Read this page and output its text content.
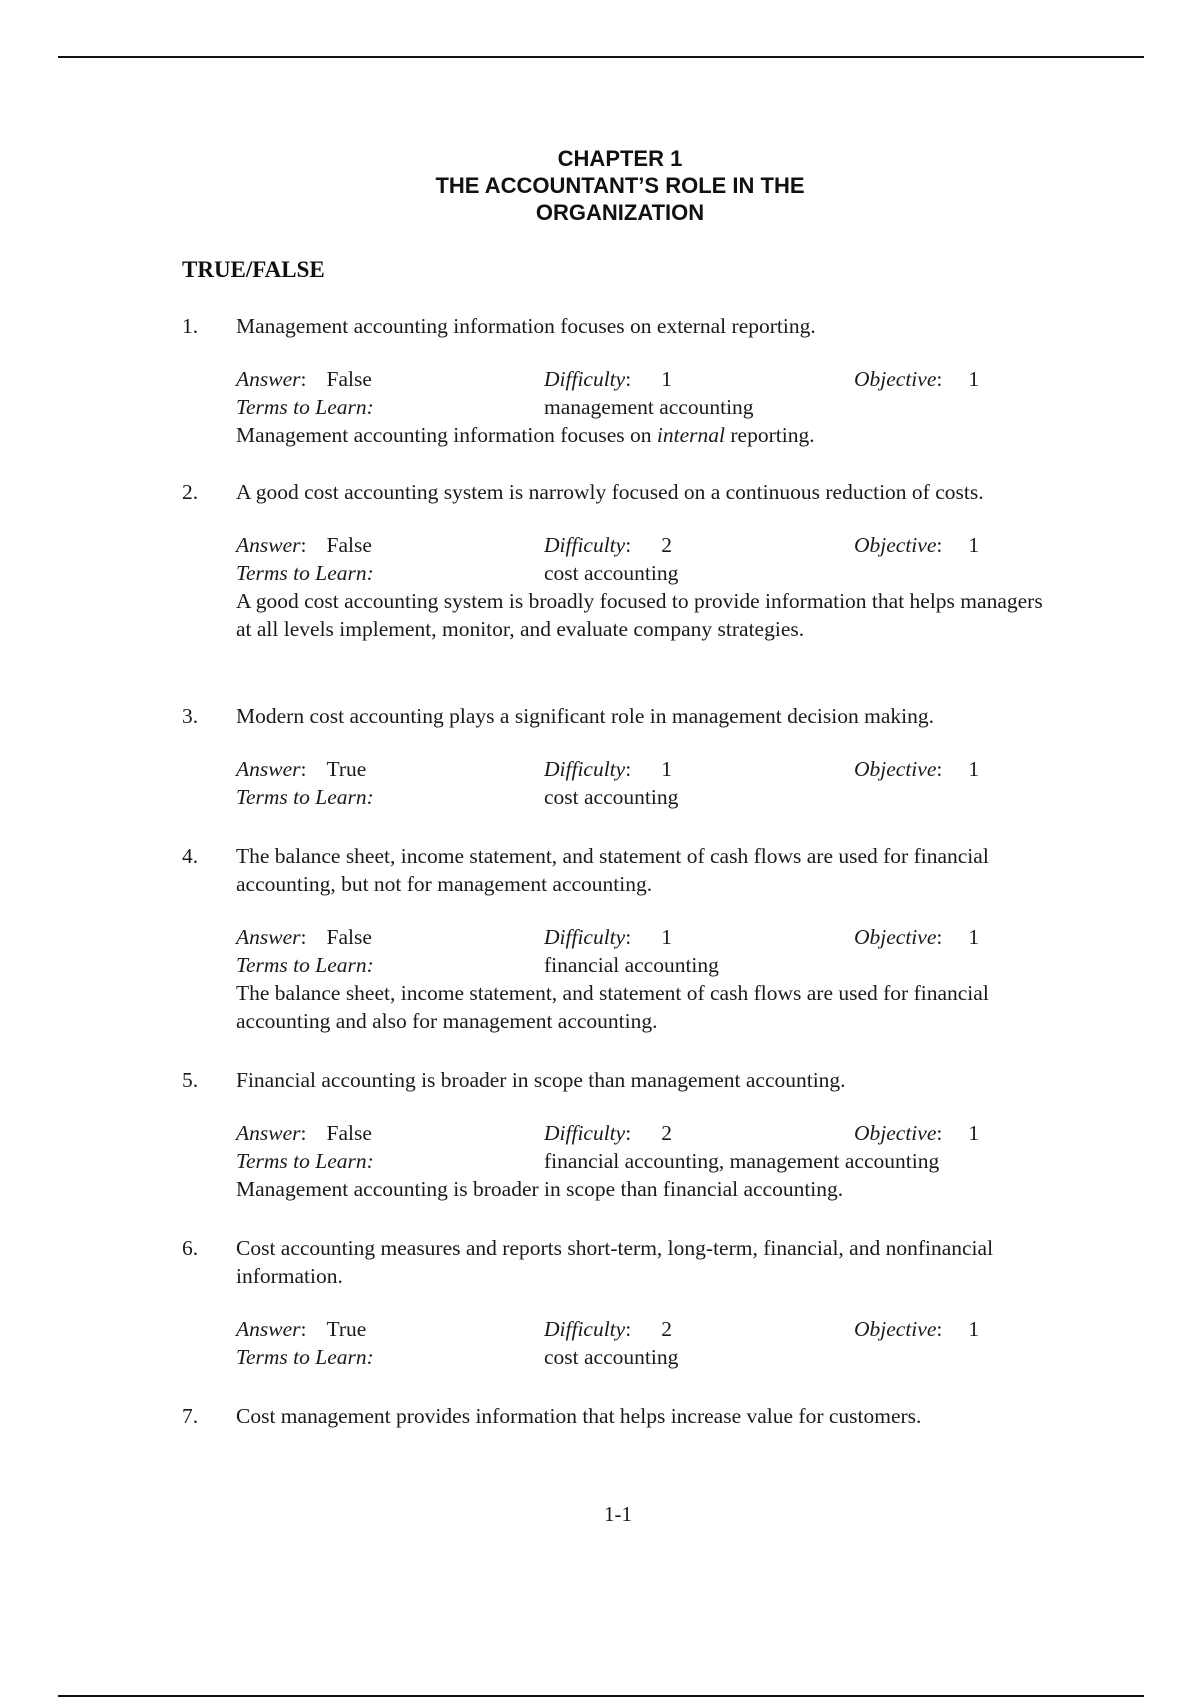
CHAPTER 1
THE ACCOUNTANT’S ROLE IN THE
ORGANIZATION
TRUE/FALSE
1.	Management accounting information focuses on external reporting.
Answer: False	Difficulty: 1	Objective: 1
Terms to Learn:	management accounting
Management accounting information focuses on internal reporting.
2.	A good cost accounting system is narrowly focused on a continuous reduction of costs.
Answer: False	Difficulty: 2	Objective: 1
Terms to Learn:	cost accounting
A good cost accounting system is broadly focused to provide information that helps managers at all levels implement, monitor, and evaluate company strategies.
3.	Modern cost accounting plays a significant role in management decision making.
Answer: True	Difficulty: 1	Objective: 1
Terms to Learn:	cost accounting
4.	The balance sheet, income statement, and statement of cash flows are used for financial accounting, but not for management accounting.
Answer: False	Difficulty: 1	Objective: 1
Terms to Learn:	financial accounting
The balance sheet, income statement, and statement of cash flows are used for financial accounting and also for management accounting.
5.	Financial accounting is broader in scope than management accounting.
Answer: False	Difficulty: 2	Objective: 1
Terms to Learn:	financial accounting, management accounting
Management accounting is broader in scope than financial accounting.
6.	Cost accounting measures and reports short-term, long-term, financial, and nonfinancial information.
Answer: True	Difficulty: 2	Objective: 1
Terms to Learn:	cost accounting
7.	Cost management provides information that helps increase value for customers.
1-1
